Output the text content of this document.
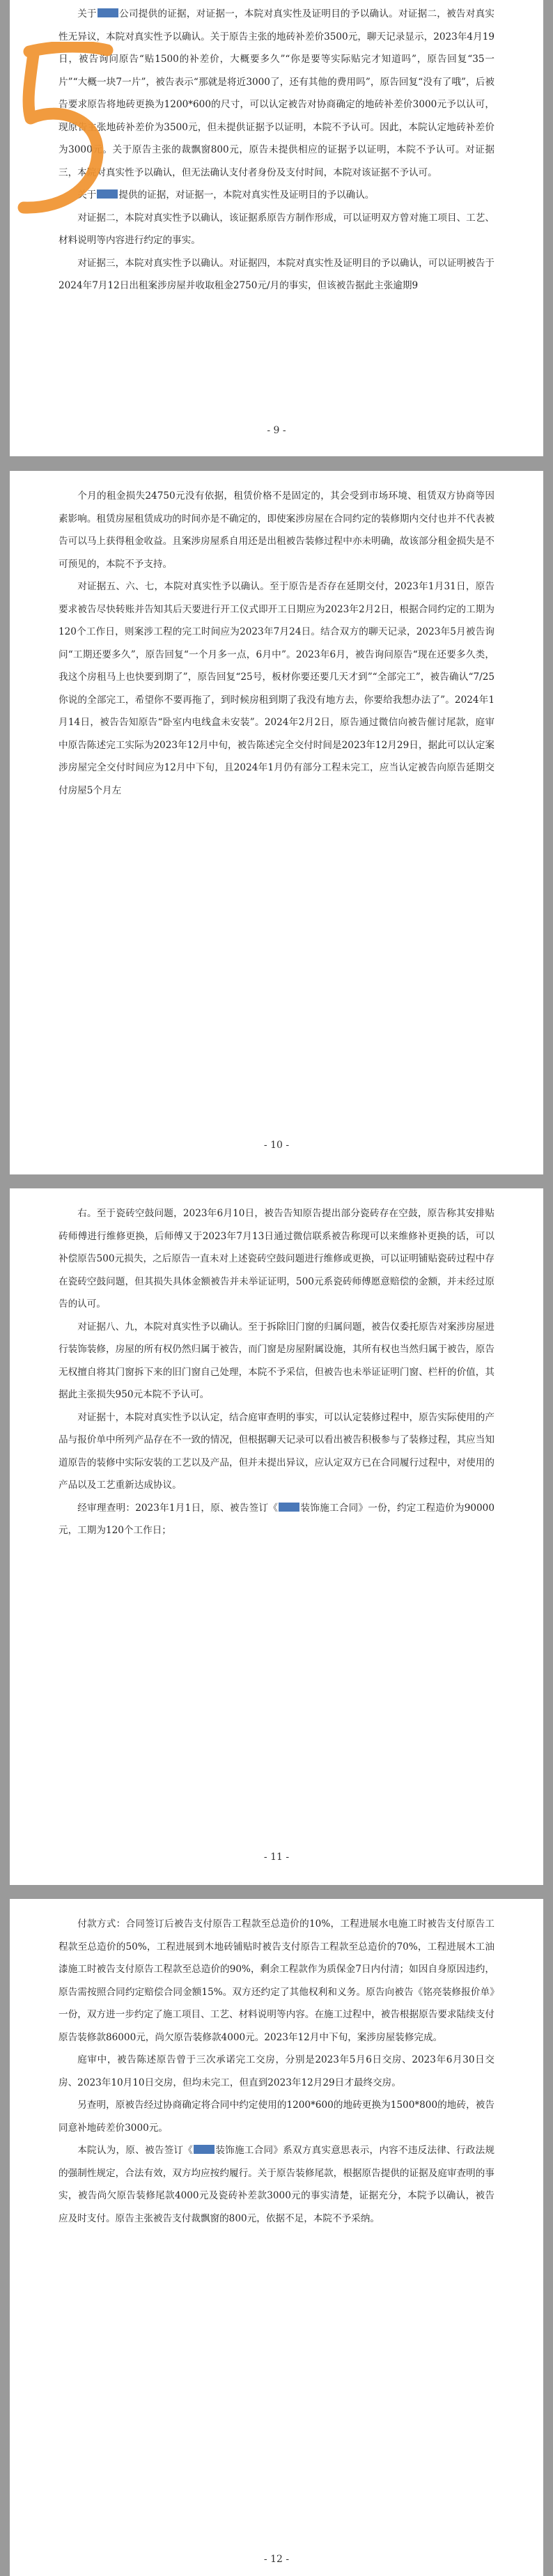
关于 公司提供的证据，对证据一，本院对真实性及证明目的予以确认。对证据二，被告对真实性无异议，本院对真实性予以确认。关于原告主张的地砖补差价3500元，聊天记录显示，2023年4月19日，被告询问原告“贴1500的补差价，大概要多久”“你是要等实际贴完才知道吗”，原告回复“35一片”“大概一块7一片”，被告表示“那就是将近3000了，还有其他的费用吗”，原告回复“没有了哦”，后被告要求原告将地砖更换为1200*600的尺寸，可以认定被告对协商确定的地砖补差价3000元予以认可，现原告主张地砖补差价为3500元，但未提供证据予以证明，本院不予认可。因此，本院认定地砖补差价为3000元。关于原告主张的裁飘窗800元，原告未提供相应的证据予以证明，本院不予认可。对证据三，本院对真实性予以确认，但无法确认支付者身份及支付时间，本院对该证据不予认可。

关于 提供的证据，对证据一，本院对真实性及证明目的予以确认。

对证据二，本院对真实性予以确认，该证据系原告方制作形成，可以证明双方曾对施工项目、工艺、材料说明等内容进行约定的事实。

对证据三，本院对真实性予以确认。对证据四，本院对真实性及证明目的予以确认，可以证明被告于2024年7月12日出租案涉房屋并收取租金2750元/月的事实，但该被告据此主张逾期9

- 9 -

个月的租金损失24750元没有依据，租赁价格不是固定的，其会受到市场环境、租赁双方协商等因素影响。租赁房屋租赁成功的时间亦是不确定的，即使案涉房屋在合同约定的装修期内交付也并不代表被告可以马上获得租金收益。且案涉房屋系自用还是出租被告装修过程中亦未明确，故该部分租金损失是不可预见的，本院不予支持。

对证据五、六、七，本院对真实性予以确认。至于原告是否存在延期交付，2023年1月31日，原告要求被告尽快转账并告知其后天要进行开工仪式即开工日期应为2023年2月2日，根据合同约定的工期为120个工作日，则案涉工程的完工时间应为2023年7月24日。结合双方的聊天记录，2023年5月被告询问“工期还要多久”，原告回复“一个月多一点，6月中”。2023年6月，被告询问原告“现在还要多久类，我这个房租马上也快要到期了”，原告回复“25号，板材你要还要几天才到”“全部完工”，被告确认“7/25你说的全部完工，希望你不要再拖了，到时候房租到期了我没有地方去，你要给我想办法了”。2024年1月14日，被告告知原告“卧室内电线盒未安装”。2024年2月2日，原告通过微信向被告催讨尾款，庭审中原告陈述完工实际为2023年12月中旬，被告陈述完全交付时间是2023年12月29日，据此可以认定案涉房屋完全交付时间应为12月中下旬，且2024年1月仍有部分工程未完工，应当认定被告向原告延期交付房屋5个月左

- 10 -

右。至于瓷砖空鼓问题，2023年6月10日，被告告知原告提出部分瓷砖存在空鼓，原告称其安排贴砖师傅进行维修更换，后师傅又于2023年7月13日通过微信联系被告称现可以来维修补更换的话，可以补偿原告500元损失，之后原告一直未对上述瓷砖空鼓问题进行维修或更换，可以证明铺贴瓷砖过程中存在瓷砖空鼓问题，但其损失具体金额被告并未举证证明，500元系瓷砖师傅愿意赔偿的金额，并未经过原告的认可。

对证据八、九，本院对真实性予以确认。至于拆除旧门窗的归属问题，被告仅委托原告对案涉房屋进行装饰装修，房屋的所有权仍然归属于被告，而门窗是房屋附属设施，其所有权也当然归属于被告，原告无权擅自将其门窗拆下来的旧门窗自己处理，本院不予采信，但被告也未举证证明门窗、栏杆的价值，其据此主张损失950元本院不予认可。

对证据十，本院对真实性予以认定，结合庭审查明的事实，可以认定装修过程中，原告实际使用的产品与报价单中所列产品存在不一致的情况，但根据聊天记录可以看出被告积极参与了装修过程，其应当知道原告的装修中实际安装的工艺以及产品，但并未提出异议，应认定双方已在合同履行过程中，对使用的产品以及工艺重新达成协议。

经审理查明：2023年1月1日，原、被告签订《 装饰施工合同》一份，约定工程造价为90000元，工期为120个工作日；

- 11 -

付款方式：合同签订后被告支付原告工程款至总造价的10%，工程进展水电施工时被告支付原告工程款至总造价的50%，工程进展到木地砖铺贴时被告支付原告工程款至总造价的70%，工程进展木工油漆施工时被告支付原告工程款至总造价的90%，剩余工程款作为质保金7日内付清；如因自身原因违约，原告需按照合同约定赔偿合同金额15%。双方还约定了其他权利和义务。原告向被告《铭亮装修报价单》一份，双方进一步约定了施工项目、工艺、材料说明等内容。在施工过程中，被告根据原告要求陆续支付原告装修款86000元，尚欠原告装修款4000元。2023年12月中下旬，案涉房屋装修完成。

庭审中，被告陈述原告曾于三次承诺完工交房，分别是2023年5月6日交房、2023年6月30日交房、2023年10月10日交房，但均未完工，但直到2023年12月29日才最终交房。

另查明，原被告经过协商确定将合同中约定使用的1200*600的地砖更换为1500*800的地砖，被告同意补地砖差价3000元。

本院认为，原、被告签订《 装饰施工合同》系双方真实意思表示，内容不违反法律、行政法规的强制性规定，合法有效，双方均应按约履行。关于原告装修尾款，根据原告提供的证据及庭审查明的事实，被告尚欠原告装修尾款4000元及瓷砖补差款3000元的事实清楚，证据充分，本院予以确认，被告应及时支付。原告主张被告支付裁飘窗的800元，依据不足，本院不予采纳。

- 12 -
